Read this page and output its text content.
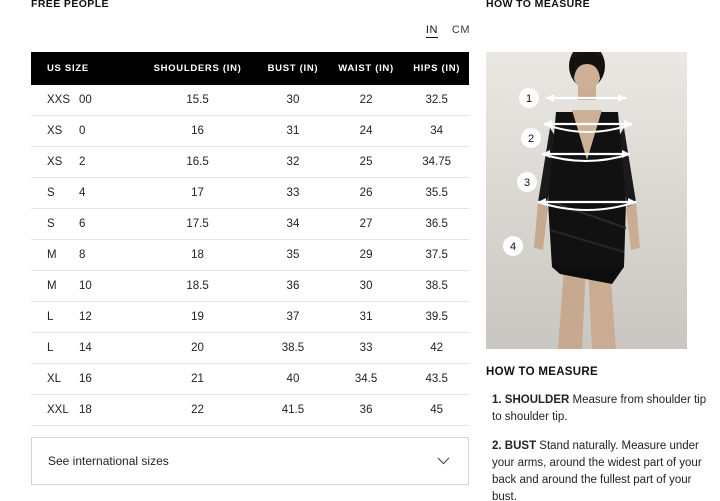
FREE PEOPLE
IN CM
US SIZE		SHOULDERS (IN)	BUST (IN)	WAIST (IN)	HIPS (IN)
XXS	00	15.5	30	22	32.5
XS	0	16	31	24	34
XS	2	16.5	32	25	34.75
S	4	17	33	26	35.5
S	6	17.5	34	27	36.5
M	8	18	35	29	37.5
M	10	18.5	36	30	38.5
L	12	19	37	31	39.5
L	14	20	38.5	33	42
XL	16	21	40	34.5	43.5
XXL	18	22	41.5	36	45
See international sizes
HOW TO MEASURE
1
2
3
4
HOW TO MEASURE

1. SHOULDER Measure from shoulder tip to shoulder tip.

2. BUST Stand naturally. Measure under your arms, around the widest part of your back and around the fullest part of your bust.
